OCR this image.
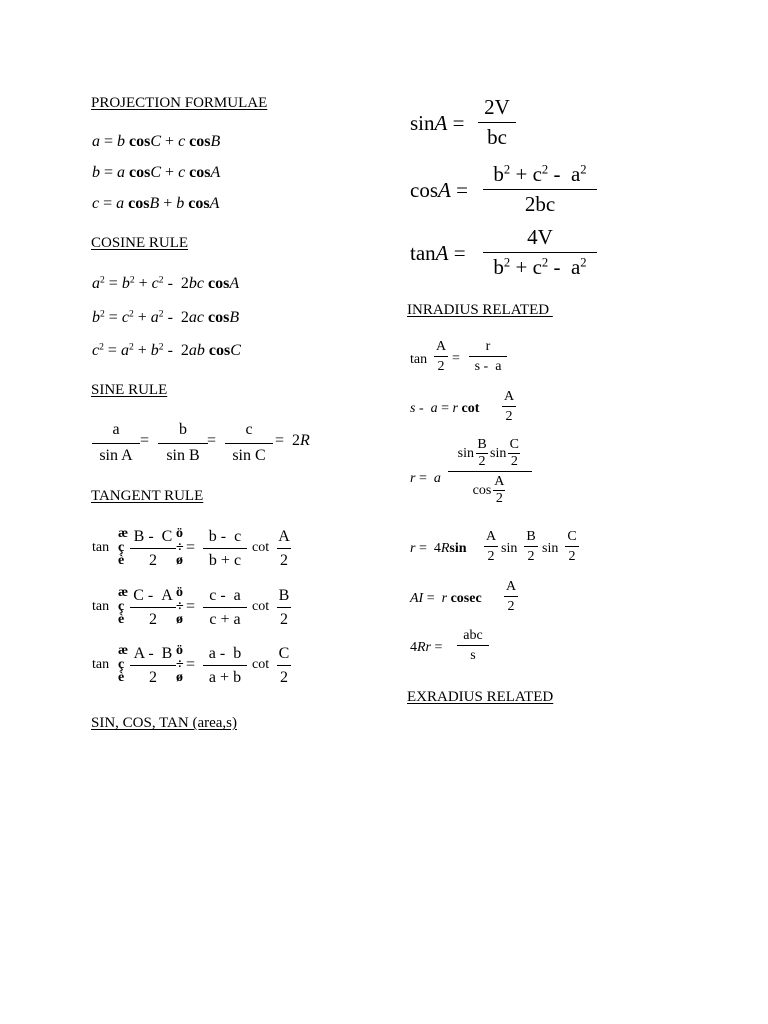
PROJECTION FORMULAE
a = b cosC + c cosB
b = a cosC + c cosA
c = a cosB + b cosA
COSINE RULE
$a^2 = b^2 + c^2 - 2bc$ cosA
$b^2 = c^2 + a^2 - 2ac$ cosB
$c^2 = a^2 + b^2 - 2ab$ cosC
SINE RULE
a
sin A
=
b
sin B
=
c
sin C
=  2R
TANGENT RULE
tan
æ
ç
è
B -  C
2
ö
÷
ø
=
b -  c
b + c
cot
A
2
tan
æ
ç
è
C -  A
2
ö
÷
ø
=
c -  a
c + a
cot
B
2
tan
æ
ç
è
A -  B
2
ö
÷
ø
=
a -  b
a + b
cot
C
2
SIN, COS, TAN (area,s)
sinA =
2V
bc
cosA =
$b^2 + c^2 - a^2$
2bc
tanA =
4V
$b^2 + c^2 - a^2$
INRADIUS RELATED
tan
A
2
=
r
s -  a
s -  a = r cot
A
2
r =  a
sin
B
2
sin
C
2
cos
A
2
r =  4Rsin
A
2
sin
B
2
sin
C
2
AI =  r cosec
A
2
4Rr =
abc
s
EXRADIUS RELATED
